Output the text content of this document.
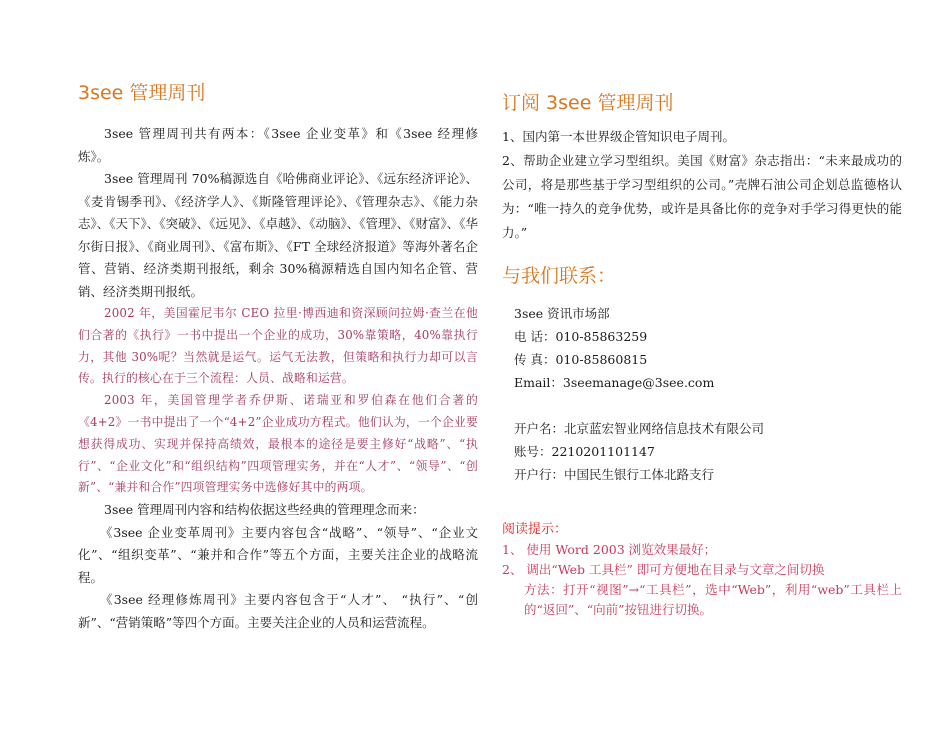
3see 管理周刊

3see 管理周刊共有两本：《3see 企业变革》和《3see 经理修炼》。

3see 管理周刊 70%稿源选自《哈佛商业评论》、《远东经济评论》、《麦肯锡季刊》、《经济学人》、《斯隆管理评论》、《管理杂志》、《能力杂志》、《天下》、《突破》、《远见》、《卓越》、《动脑》、《管理》、《财富》、《华尔街日报》、《商业周刊》、《富布斯》、《FT 全球经济报道》等海外著名企管、营销、经济类期刊报纸，剩余 30%稿源精选自国内知名企管、营销、经济类期刊报纸。

2002 年，美国霍尼韦尔 CEO 拉里·博西迪和资深顾问拉姆·查兰在他们合著的《执行》一书中提出一个企业的成功，30%靠策略，40%靠执行力，其他 30%呢？当然就是运气。运气无法教，但策略和执行力却可以言传。执行的核心在于三个流程：人员、战略和运营。

2003 年，美国管理学者乔伊斯、诺瑞亚和罗伯森在他们合著的《4+2》一书中提出了一个“4+2”企业成功方程式。他们认为，一个企业要想获得成功、实现并保持高绩效，最根本的途径是要主修好“战略”、“执行”、“企业文化”和“组织结构”四项管理实务，并在“人才”、“领导”、“创新”、“兼并和合作”四项管理实务中选修好其中的两项。

3see 管理周刊内容和结构依据这些经典的管理理念而来：

《3see 企业变革周刊》主要内容包含“战略”、“领导”、“企业文化”、“组织变革”、“兼并和合作”等五个方面，主要关注企业的战略流程。

《3see 经理修炼周刊》主要内容包含于“人才”、 “执行”、“创新”、“营销策略”等四个方面。主要关注企业的人员和运营流程。

订阅 3see 管理周刊

1、国内第一本世界级企管知识电子周刊。

2、帮助企业建立学习型组织。美国《财富》杂志指出：“未来最成功的公司，将是那些基于学习型组织的公司。”壳牌石油公司企划总监德格认为：“唯一持久的竞争优势，或许是具备比你的竞争对手学习得更快的能力。”

与我们联系：

3see 资讯市场部

电 话：010-85863259

传 真：010-85860815

Email：3seemanage@3see.com

开户名：北京蓝宏智业网络信息技术有限公司

账号：2210201101147

开户行：中国民生银行工体北路支行

阅读提示：

1、 使用 Word 2003 浏览效果最好；

2、 调出“Web 工具栏” 即可方便地在目录与文章之间切换

方法：打开“视图”→“工具栏”，选中“Web”，利用“web”工具栏上的“返回”、“向前”按钮进行切换。
